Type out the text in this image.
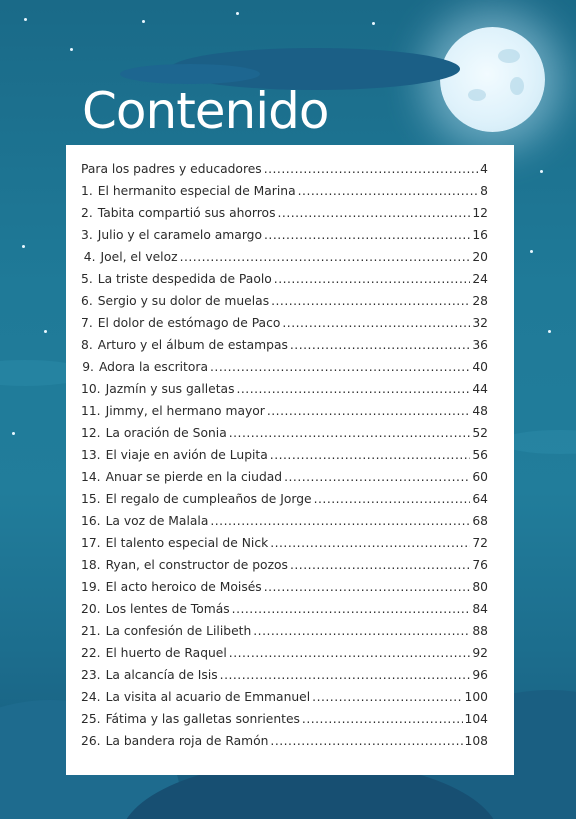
Contenido
Para los padres y educadores .....	4
1. El hermanito especial de Marina .....	8
2. Tabita compartió sus ahorros .....	12
3. Julio y el caramelo amargo .....	16
4. Joel, el veloz .....	20
5. La triste despedida de Paolo .....	24
6. Sergio y su dolor de muelas .....	28
7. El dolor de estómago de Paco .....	32
8. Arturo y el álbum de estampas .....	36
9. Adora la escritora .....	40
10. Jazmín y sus galletas .....	44
11. Jimmy, el hermano mayor .....	48
12. La oración de Sonia .....	52
13. El viaje en avión de Lupita .....	56
14. Anuar se pierde en la ciudad .....	60
15. El regalo de cumpleaños de Jorge .....	64
16. La voz de Malala .....	68
17. El talento especial de Nick .....	72
18. Ryan, el constructor de pozos .....	76
19. El acto heroico de Moisés .....	80
20. Los lentes de Tomás .....	84
21. La confesión de Lilibeth .....	88
22. El huerto de Raquel .....	92
23. La alcancía de Isis .....	96
24. La visita al acuario de Emmanuel .....	100
25. Fátima y las galletas sonrientes .....	104
26. La bandera roja de Ramón .....	108
